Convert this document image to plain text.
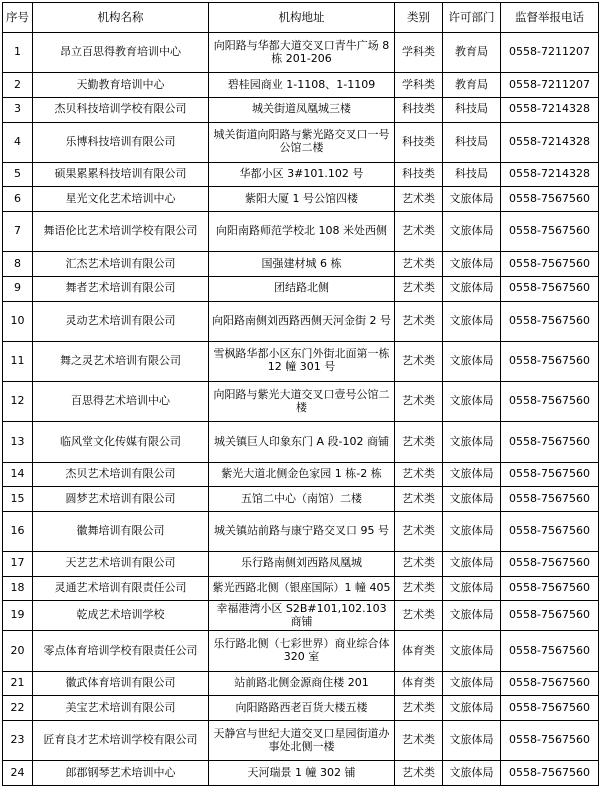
序号	机构名称	机构地址	类别	许可部门	监督举报电话
1	昂立百思得教育培训中心	向阳路与华都大道交叉口青牛广场 8 栋 201-206	学科类	教育局	0558-7211207
2	天勤教育培训中心	碧桂园商业 1-1108、1-1109	学科类	教育局	0558-7211207
3	杰贝科技培训学校有限公司	城关街道凤凰城三楼	科技类	科技局	0558-7214328
4	乐博科技培训有限公司	城关街道向阳路与紫光路交叉口一号公馆二楼	科技类	科技局	0558-7214328
5	硕果累累科技培训有限公司	华都小区 3#101.102 号	科技类	科技局	0558-7214328
6	星光文化艺术培训中心	紫阳大厦 1 号公馆四楼	艺术类	文旅体局	0558-7567560
7	舞语伦比艺术培训学校有限公司	向阳南路师范学校北 108 米处西侧	艺术类	文旅体局	0558-7567560
8	汇杰艺术培训有限公司	国强建材城 6 栋	艺术类	文旅体局	0558-7567560
9	舞者艺术培训有限公司	团结路北侧	艺术类	文旅体局	0558-7567560
10	灵动艺术培训有限公司	向阳路南侧刘西路西侧天河金街 2 号	艺术类	文旅体局	0558-7567560
11	舞之灵艺术培训有限公司	雪枫路华都小区东门外街北面第一栋 12 幢 301 号	艺术类	文旅体局	0558-7567560
12	百思得艺术培训中心	向阳路与紫光大道交叉口壹号公馆二楼	艺术类	文旅体局	0558-7567560
13	临风堂文化传媒有限公司	城关镇巨人印象东门 A 段-102 商铺	艺术类	文旅体局	0558-7567560
14	杰贝艺术培训有限公司	紫光大道北侧金色家园 1 栋-2 栋	艺术类	文旅体局	0558-7567560
15	圆梦艺术培训有限公司	五馆二中心（南馆）二楼	艺术类	文旅体局	0558-7567560
16	徽舞培训有限公司	城关镇站前路与康宁路交叉口 95 号	艺术类	文旅体局	0558-7567560
17	天艺艺术培训有限公司	乐行路南侧刘西路凤凰城	艺术类	文旅体局	0558-7567560
18	灵通艺术培训有限责任公司	紫光西路北侧（银座国际）1 幢 405	艺术类	文旅体局	0558-7567560
19	乾成艺术培训学校	幸福港湾小区 S2B#101,102.103 商铺	艺术类	文旅体局	0558-7567560
20	零点体育培训学校有限责任公司	乐行路北侧（七彩世界）商业综合体 320 室	体育类	文旅体局	0558-7567560
21	徽武体育培训有限公司	站前路北侧金源商住楼 201	体育类	文旅体局	0558-7567560
22	美宝艺术培训有限公司	向阳路路西老百货大楼五楼	艺术类	文旅体局	0558-7567560
23	匠育良才艺术培训学校有限公司	天静宫与世纪大道交叉口星园街道办事处北侧一楼	艺术类	文旅体局	0558-7567560
24	郎郡钢琴艺术培训中心	天河瑞景 1 幢 302 铺	艺术类	文旅体局	0558-7567560
